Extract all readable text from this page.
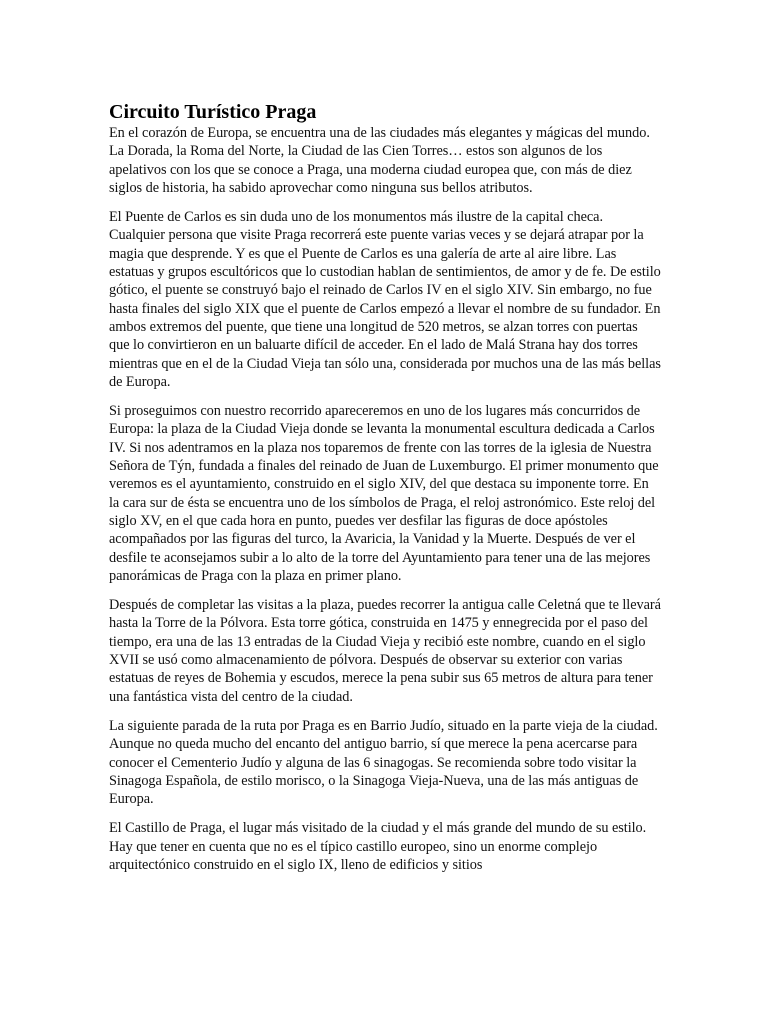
Circuito Turístico Praga

En el corazón de Europa, se encuentra una de las ciudades más elegantes y mágicas del mundo. La Dorada, la Roma del Norte, la Ciudad de las Cien Torres… estos son algunos de los apelativos con los que se conoce a Praga, una moderna ciudad europea que, con más de diez siglos de historia, ha sabido aprovechar como ninguna sus bellos atributos.

El Puente de Carlos es sin duda uno de los monumentos más ilustre de la capital checa. Cualquier persona que visite Praga recorrerá este puente varias veces y se dejará atrapar por la magia que desprende. Y es que el Puente de Carlos es una galería de arte al aire libre. Las estatuas y grupos escultóricos que lo custodian hablan de sentimientos, de amor y de fe. De estilo gótico, el puente se construyó bajo el reinado de Carlos IV en el siglo XIV. Sin embargo, no fue hasta finales del siglo XIX que el puente de Carlos empezó a llevar el nombre de su fundador. En ambos extremos del puente, que tiene una longitud de 520 metros, se alzan torres con puertas que lo convirtieron en un baluarte difícil de acceder. En el lado de Malá Strana hay dos torres mientras que en el de la Ciudad Vieja tan sólo una, considerada por muchos una de las más bellas de Europa.

Si proseguimos con nuestro recorrido apareceremos en uno de los lugares más concurridos de Europa: la plaza de la Ciudad Vieja donde se levanta la monumental escultura dedicada a Carlos IV. Si nos adentramos en la plaza nos toparemos de frente con las torres de la iglesia de Nuestra Señora de Týn, fundada a finales del reinado de Juan de Luxemburgo. El primer monumento que veremos es el ayuntamiento, construido en el siglo XIV, del que destaca su imponente torre. En la cara sur de ésta se encuentra uno de los símbolos de Praga, el reloj astronómico. Este reloj del siglo XV, en el que cada hora en punto, puedes ver desfilar las figuras de doce apóstoles acompañados por las figuras del turco, la Avaricia, la Vanidad y la Muerte. Después de ver el desfile te aconsejamos subir a lo alto de la torre del Ayuntamiento para tener una de las mejores panorámicas de Praga con la plaza en primer plano.

Después de completar las visitas a la plaza, puedes recorrer la antigua calle Celetná que te llevará hasta la Torre de la Pólvora. Esta torre gótica, construida en 1475 y ennegrecida por el paso del tiempo, era una de las 13 entradas de la Ciudad Vieja y recibió este nombre, cuando en el siglo XVII se usó como almacenamiento de pólvora. Después de observar su exterior con varias estatuas de reyes de Bohemia y escudos, merece la pena subir sus 65 metros de altura para tener una fantástica vista del centro de la ciudad.

La siguiente parada de la ruta por Praga es en Barrio Judío, situado en la parte vieja de la ciudad. Aunque no queda mucho del encanto del antiguo barrio, sí que merece la pena acercarse para conocer el Cementerio Judío y alguna de las 6 sinagogas. Se recomienda sobre todo visitar la Sinagoga Española, de estilo morisco, o la Sinagoga Vieja-Nueva, una de las más antiguas de Europa.

El Castillo de Praga, el lugar más visitado de la ciudad y el más grande del mundo de su estilo. Hay que tener en cuenta que no es el típico castillo europeo, sino un enorme complejo arquitectónico construido en el siglo IX, lleno de edificios y sitios
